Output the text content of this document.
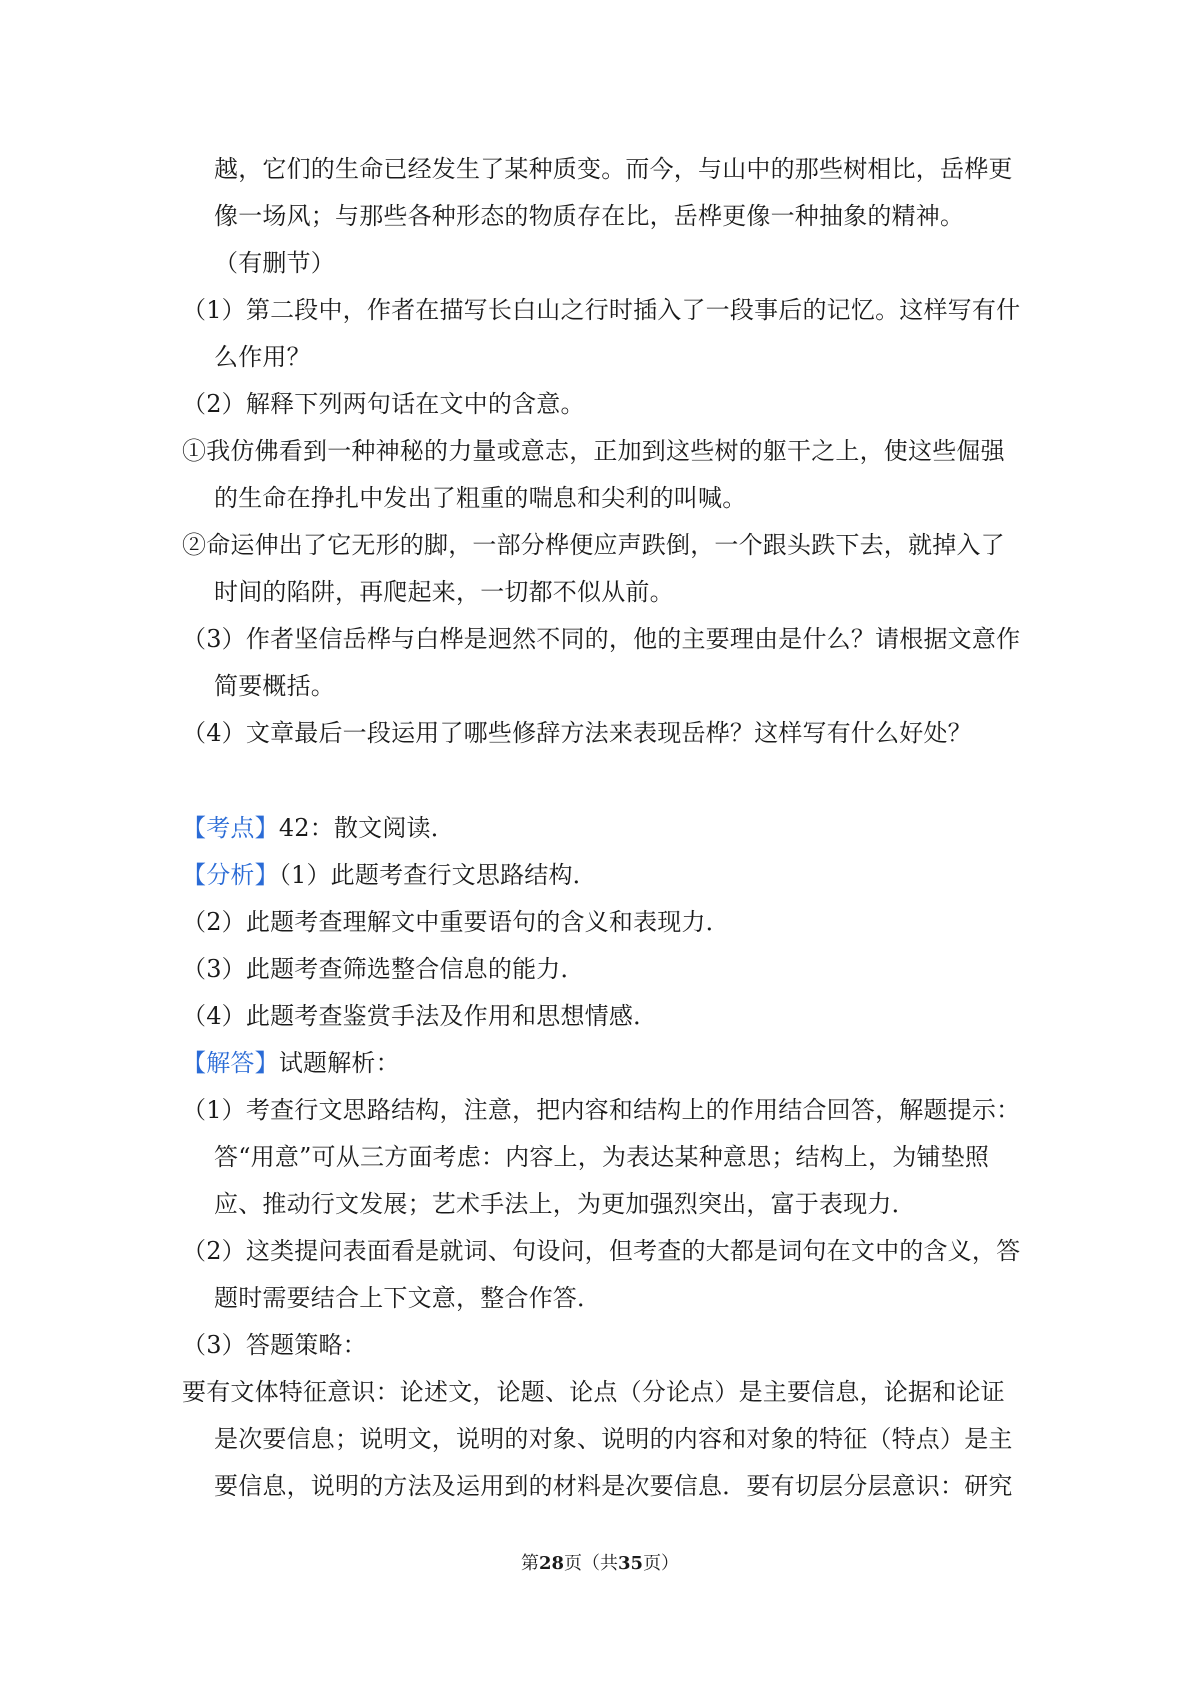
越，它们的生命已经发生了某种质变。而今，与山中的那些树相比，岳桦更
像一场风；与那些各种形态的物质存在比，岳桦更像一种抽象的精神。
（有删节）
（1）第二段中，作者在描写长白山之行时插入了一段事后的记忆。这样写有什
么作用？
（2）解释下列两句话在文中的含意。
①我仿佛看到一种神秘的力量或意志，正加到这些树的躯干之上，使这些倔强
的生命在挣扎中发出了粗重的喘息和尖利的叫喊。
②命运伸出了它无形的脚，一部分桦便应声跌倒，一个跟头跌下去，就掉入了
时间的陷阱，再爬起来，一切都不似从前。
（3）作者坚信岳桦与白桦是迥然不同的，他的主要理由是什么？请根据文意作
简要概括。
（4）文章最后一段运用了哪些修辞方法来表现岳桦？这样写有什么好处？
【考点】42：散文阅读．
【分析】（1）此题考查行文思路结构．
（2）此题考查理解文中重要语句的含义和表现力．
（3）此题考查筛选整合信息的能力．
（4）此题考查鉴赏手法及作用和思想情感．
【解答】试题解析：
（1）考查行文思路结构，注意，把内容和结构上的作用结合回答，解题提示：
答“用意”可从三方面考虑：内容上，为表达某种意思；结构上，为铺垫照
应、推动行文发展；艺术手法上，为更加强烈突出，富于表现力．
（2）这类提问表面看是就词、句设问，但考查的大都是词句在文中的含义，答
题时需要结合上下文意，整合作答．
（3）答题策略：
要有文体特征意识：论述文，论题、论点（分论点）是主要信息，论据和论证
是次要信息；说明文，说明的对象、说明的内容和对象的特征（特点）是主
要信息，说明的方法及运用到的材料是次要信息．要有切层分层意识：研究
第28页（共35页）
